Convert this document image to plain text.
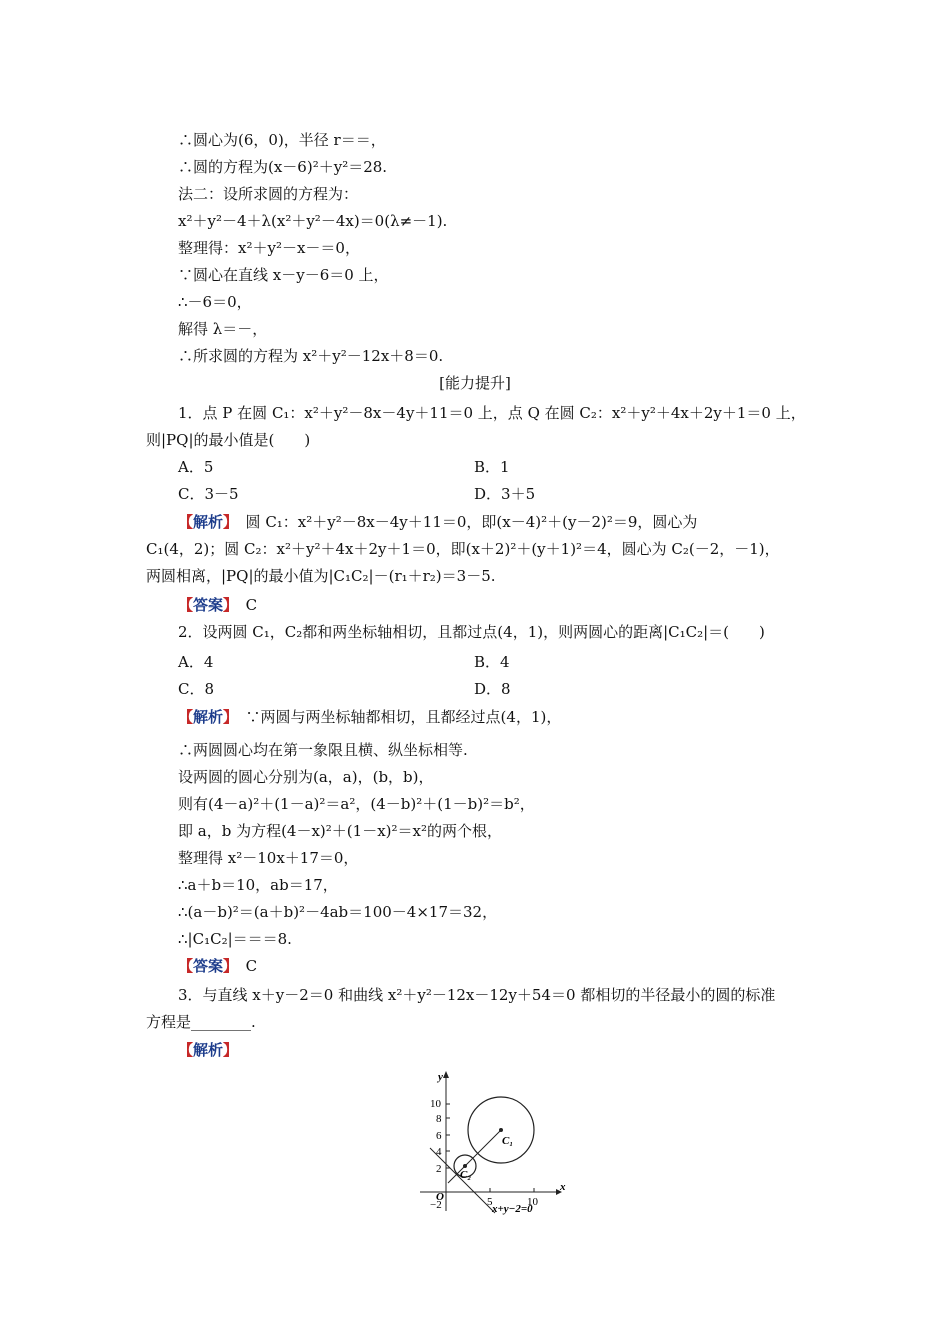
∴圆心为(6，0)，半径 r＝＝，
∴圆的方程为(x－6)²＋y²＝28.
法二：设所求圆的方程为：
x²＋y²－4＋λ(x²＋y²－4x)＝0(λ≠－1).
整理得：x²＋y²－x－＝0，
∵圆心在直线 x－y－6＝0 上，
∴－6＝0，
解得 λ＝－，
∴所求圆的方程为 x²＋y²－12x＋8＝0.
1．点 P 在圆 C₁：x²＋y²－8x－4y＋11＝0 上，点 Q 在圆 C₂：x²＋y²＋4x＋2y＋1＝0 上，
则|PQ|的最小值是(　　)
C₁(4，2)；圆 C₂：x²＋y²＋4x＋2y＋1＝0，即(x＋2)²＋(y＋1)²＝4，圆心为 C₂(－2，－1)，
两圆相离，|PQ|的最小值为|C₁C₂|－(r₁＋r₂)＝3－5.
2．设两圆 C₁，C₂都和两坐标轴相切，且都过点(4，1)，则两圆心的距离|C₁C₂|＝(　　)
∴两圆圆心均在第一象限且横、纵坐标相等.
设两圆的圆心分别为(a，a)，(b，b)，
则有(4－a)²＋(1－a)²＝a²，(4－b)²＋(1－b)²＝b²，
即 a，b 为方程(4－x)²＋(1－x)²＝x²的两个根，
整理得 x²－10x＋17＝0，
∴a＋b＝10，ab＝17，
∴(a－b)²＝(a＋b)²－4ab＝100－4×17＝32，
∴|C₁C₂|＝＝＝8.
3．与直线 x＋y－2＝0 和曲线 x²＋y²－12x－12y＋54＝0 都相切的半径最小的圆的标准
方程是________.
A．5	B．1
C．3－5	D．3＋5
A．4	B．4
C．8	D．8
[能力提升]
【解析】　圆 C₁：x²＋y²－8x－4y＋11＝0，即(x－4)²＋(y－2)²＝9，圆心为
【答案】　 C
【解析】　∵两圆与两坐标轴都相切，且都经过点(4，1)，
【答案】　 C
【解析】
y
x
O
10
8
6
4
2
−2	5	10
C₁
C₂
x+y−2=0
